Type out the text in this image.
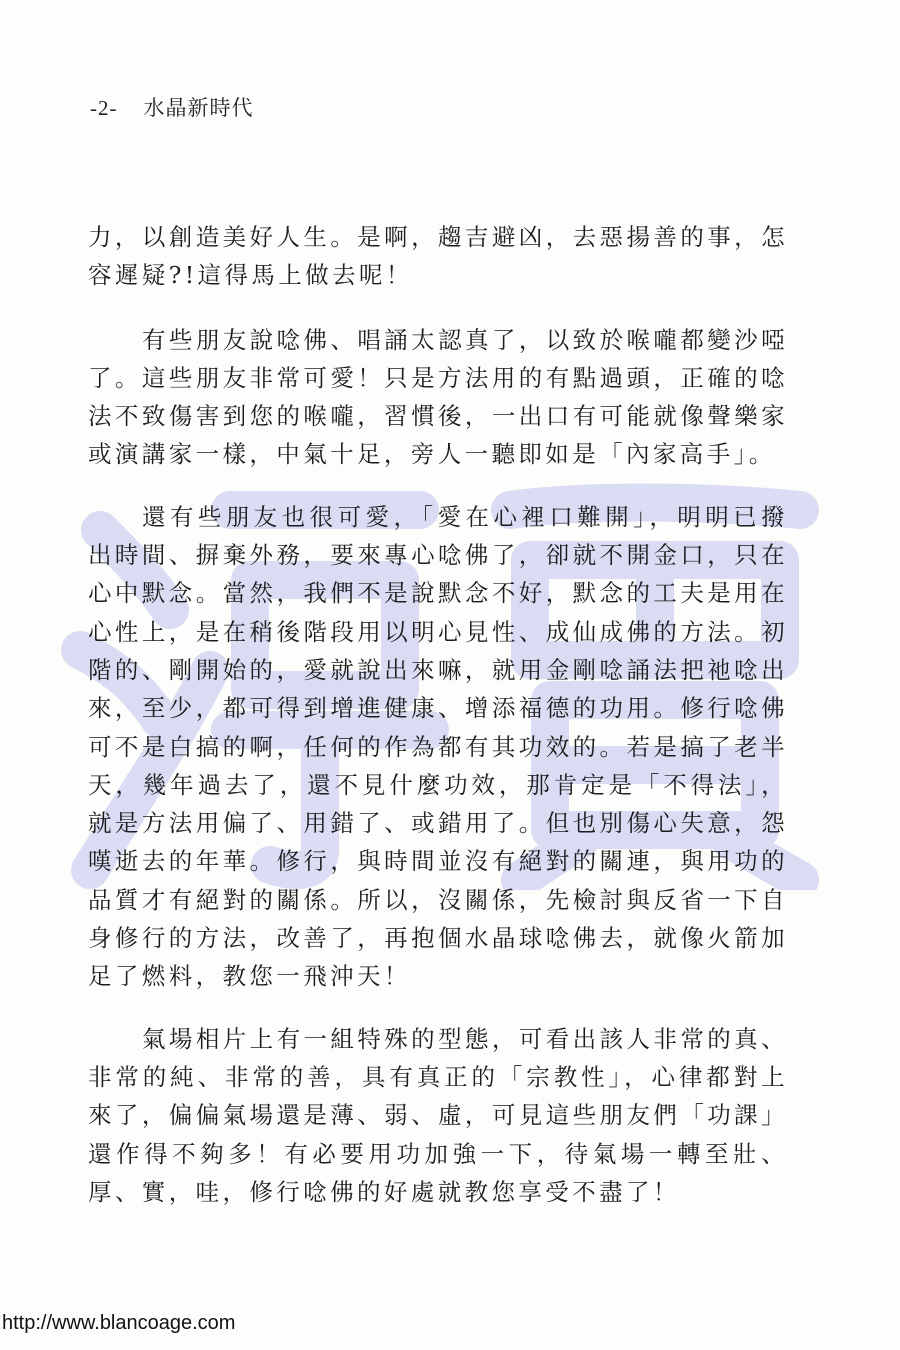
-2- 水晶新時代

力，以創造美好人生。是啊，趨吉避凶，去惡揚善的事，怎容遲疑?!這得馬上做去呢！

有些朋友說唸佛、唱誦太認真了，以致於喉嚨都變沙啞了。這些朋友非常可愛！只是方法用的有點過頭，正確的唸法不致傷害到您的喉嚨，習慣後，一出口有可能就像聲樂家或演講家一樣，中氣十足，旁人一聽即如是「內家高手」。

還有些朋友也很可愛，「愛在心裡口難開」，明明已撥出時間、摒棄外務，要來專心唸佛了，卻就不開金口，只在心中默念。當然，我們不是說默念不好，默念的工夫是用在心性上，是在稍後階段用以明心見性、成仙成佛的方法。初階的、剛開始的，愛就說出來嘛，就用金剛唸誦法把祂唸出來，至少，都可得到增進健康、增添福德的功用。修行唸佛可不是白搞的啊，任何的作為都有其功效的。若是搞了老半天，幾年過去了，還不見什麼功效，那肯定是「不得法」，就是方法用偏了、用錯了、或錯用了。但也別傷心失意，怨嘆逝去的年華。修行，與時間並沒有絕對的關連，與用功的品質才有絕對的關係。所以，沒關係，先檢討與反省一下自身修行的方法，改善了，再抱個水晶球唸佛去，就像火箭加足了燃料，教您一飛沖天！

氣場相片上有一組特殊的型態，可看出該人非常的真、非常的純、非常的善，具有真正的「宗教性」，心律都對上來了，偏偏氣場還是薄、弱、虛，可見這些朋友們「功課」還作得不夠多！有必要用功加強一下，待氣場一轉至壯、厚、實，哇，修行唸佛的好處就教您享受不盡了！

http://www.blancoage.com
